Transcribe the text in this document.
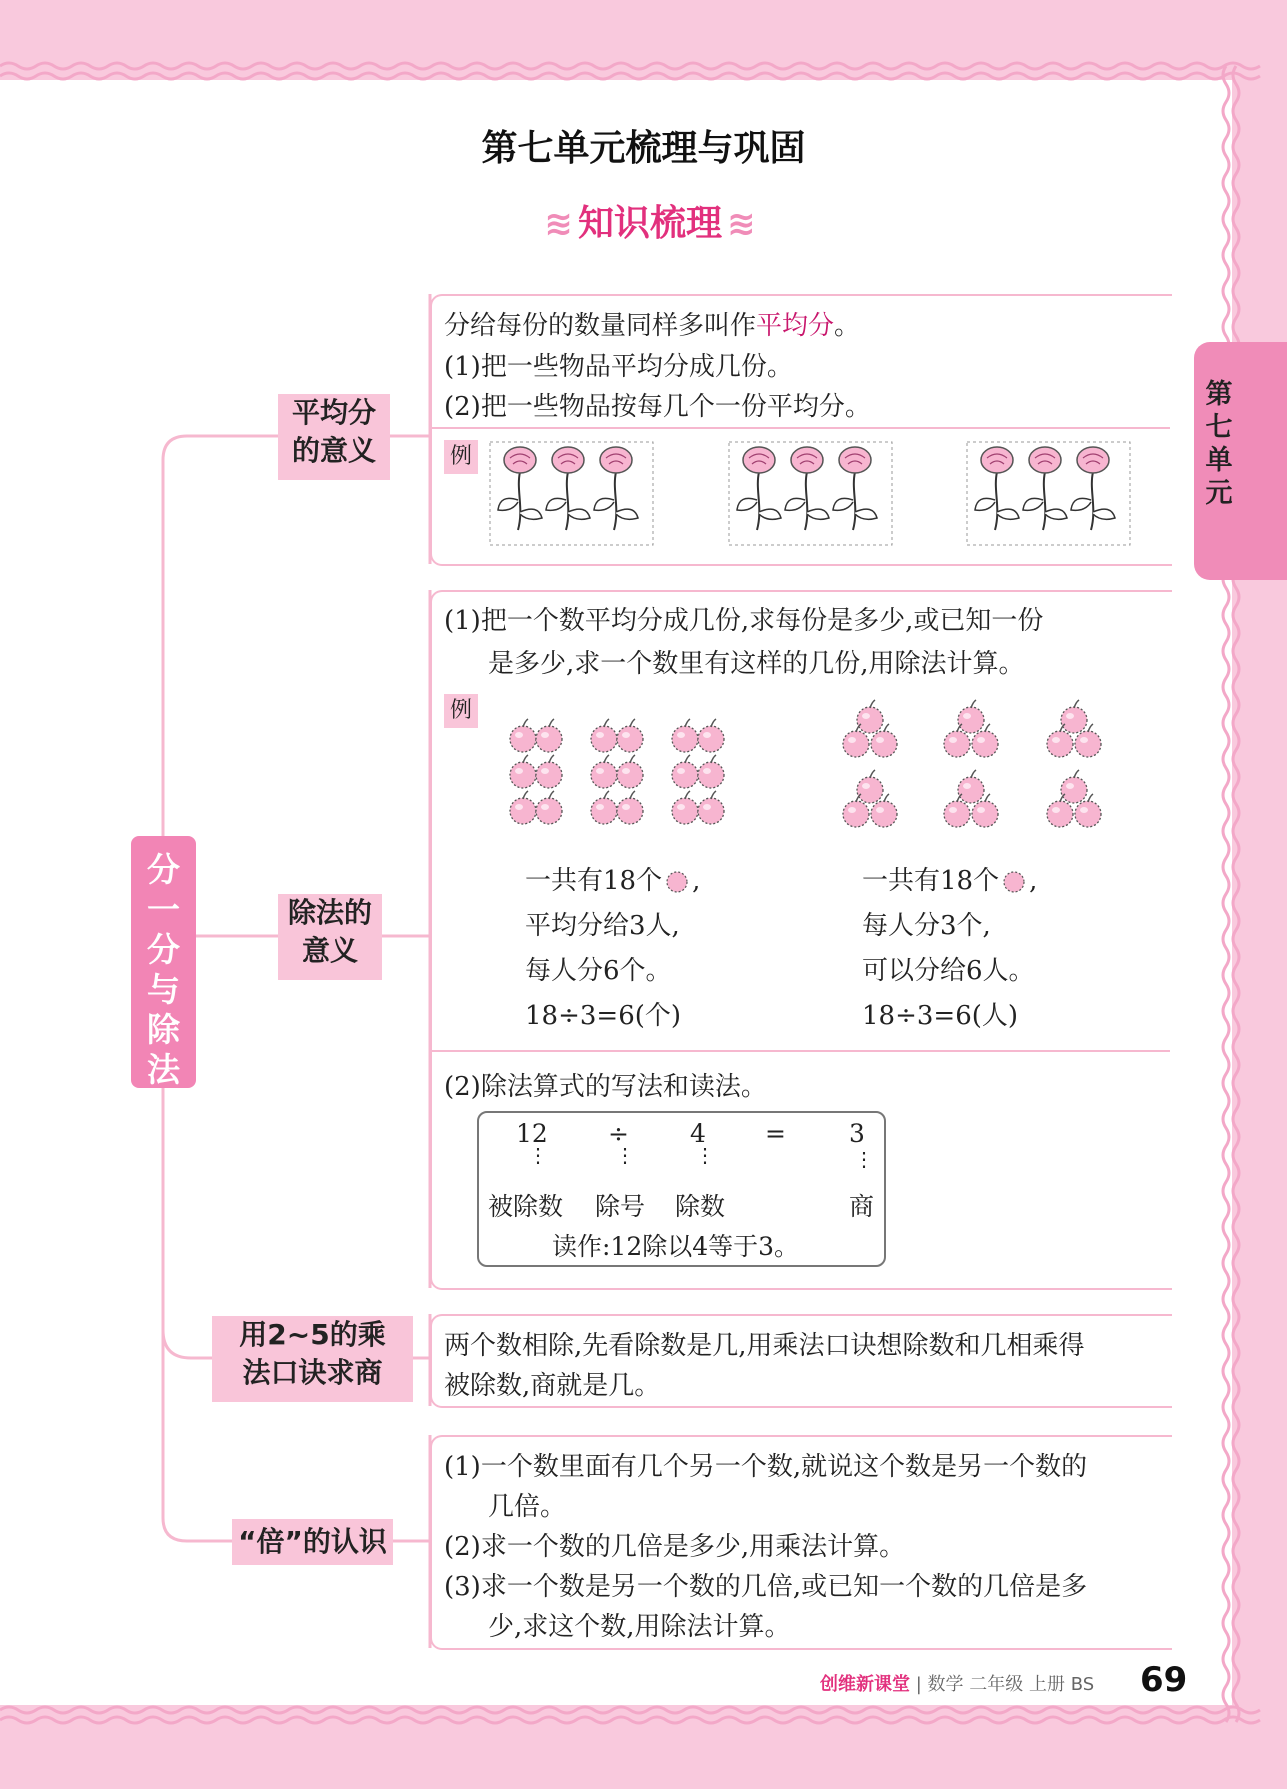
第七单元
第七单元梳理与巩固
≋ 知识梳理 ≋
分
一
分
与
除
法
平均分
的意义
除法的
意义
用2~5的乘
法口诀求商
“倍”的认识
分给每份的数量同样多叫作平均分。
(1)把一些物品平均分成几份。
(2)把一些物品按每几个一份平均分。
例
(1)把一个数平均分成几份,求每份是多少,或已知一份
是多少,求一个数里有这样的几份,用除法计算。
例
一共有18个 ,
平均分给3人,
每人分6个。
18÷3=6(个)
一共有18个 ,
每人分3个,
可以分给6人。
18÷3=6(人)
(2)除法算式的写法和读法。
12 ÷ 4 =	3
⋮	⋮	⋮	⋮
被除数 除号 除数	商
读作:12除以4等于3。
两个数相除,先看除数是几,用乘法口诀想除数和几相乘得
被除数,商就是几。
(1)一个数里面有几个另一个数,就说这个数是另一个数的
几倍。
(2)求一个数的几倍是多少,用乘法计算。
(3)求一个数是另一个数的几倍,或已知一个数的几倍是多
少,求这个数,用除法计算。
创维新课堂 | 数学 二年级 上册 BS 69
